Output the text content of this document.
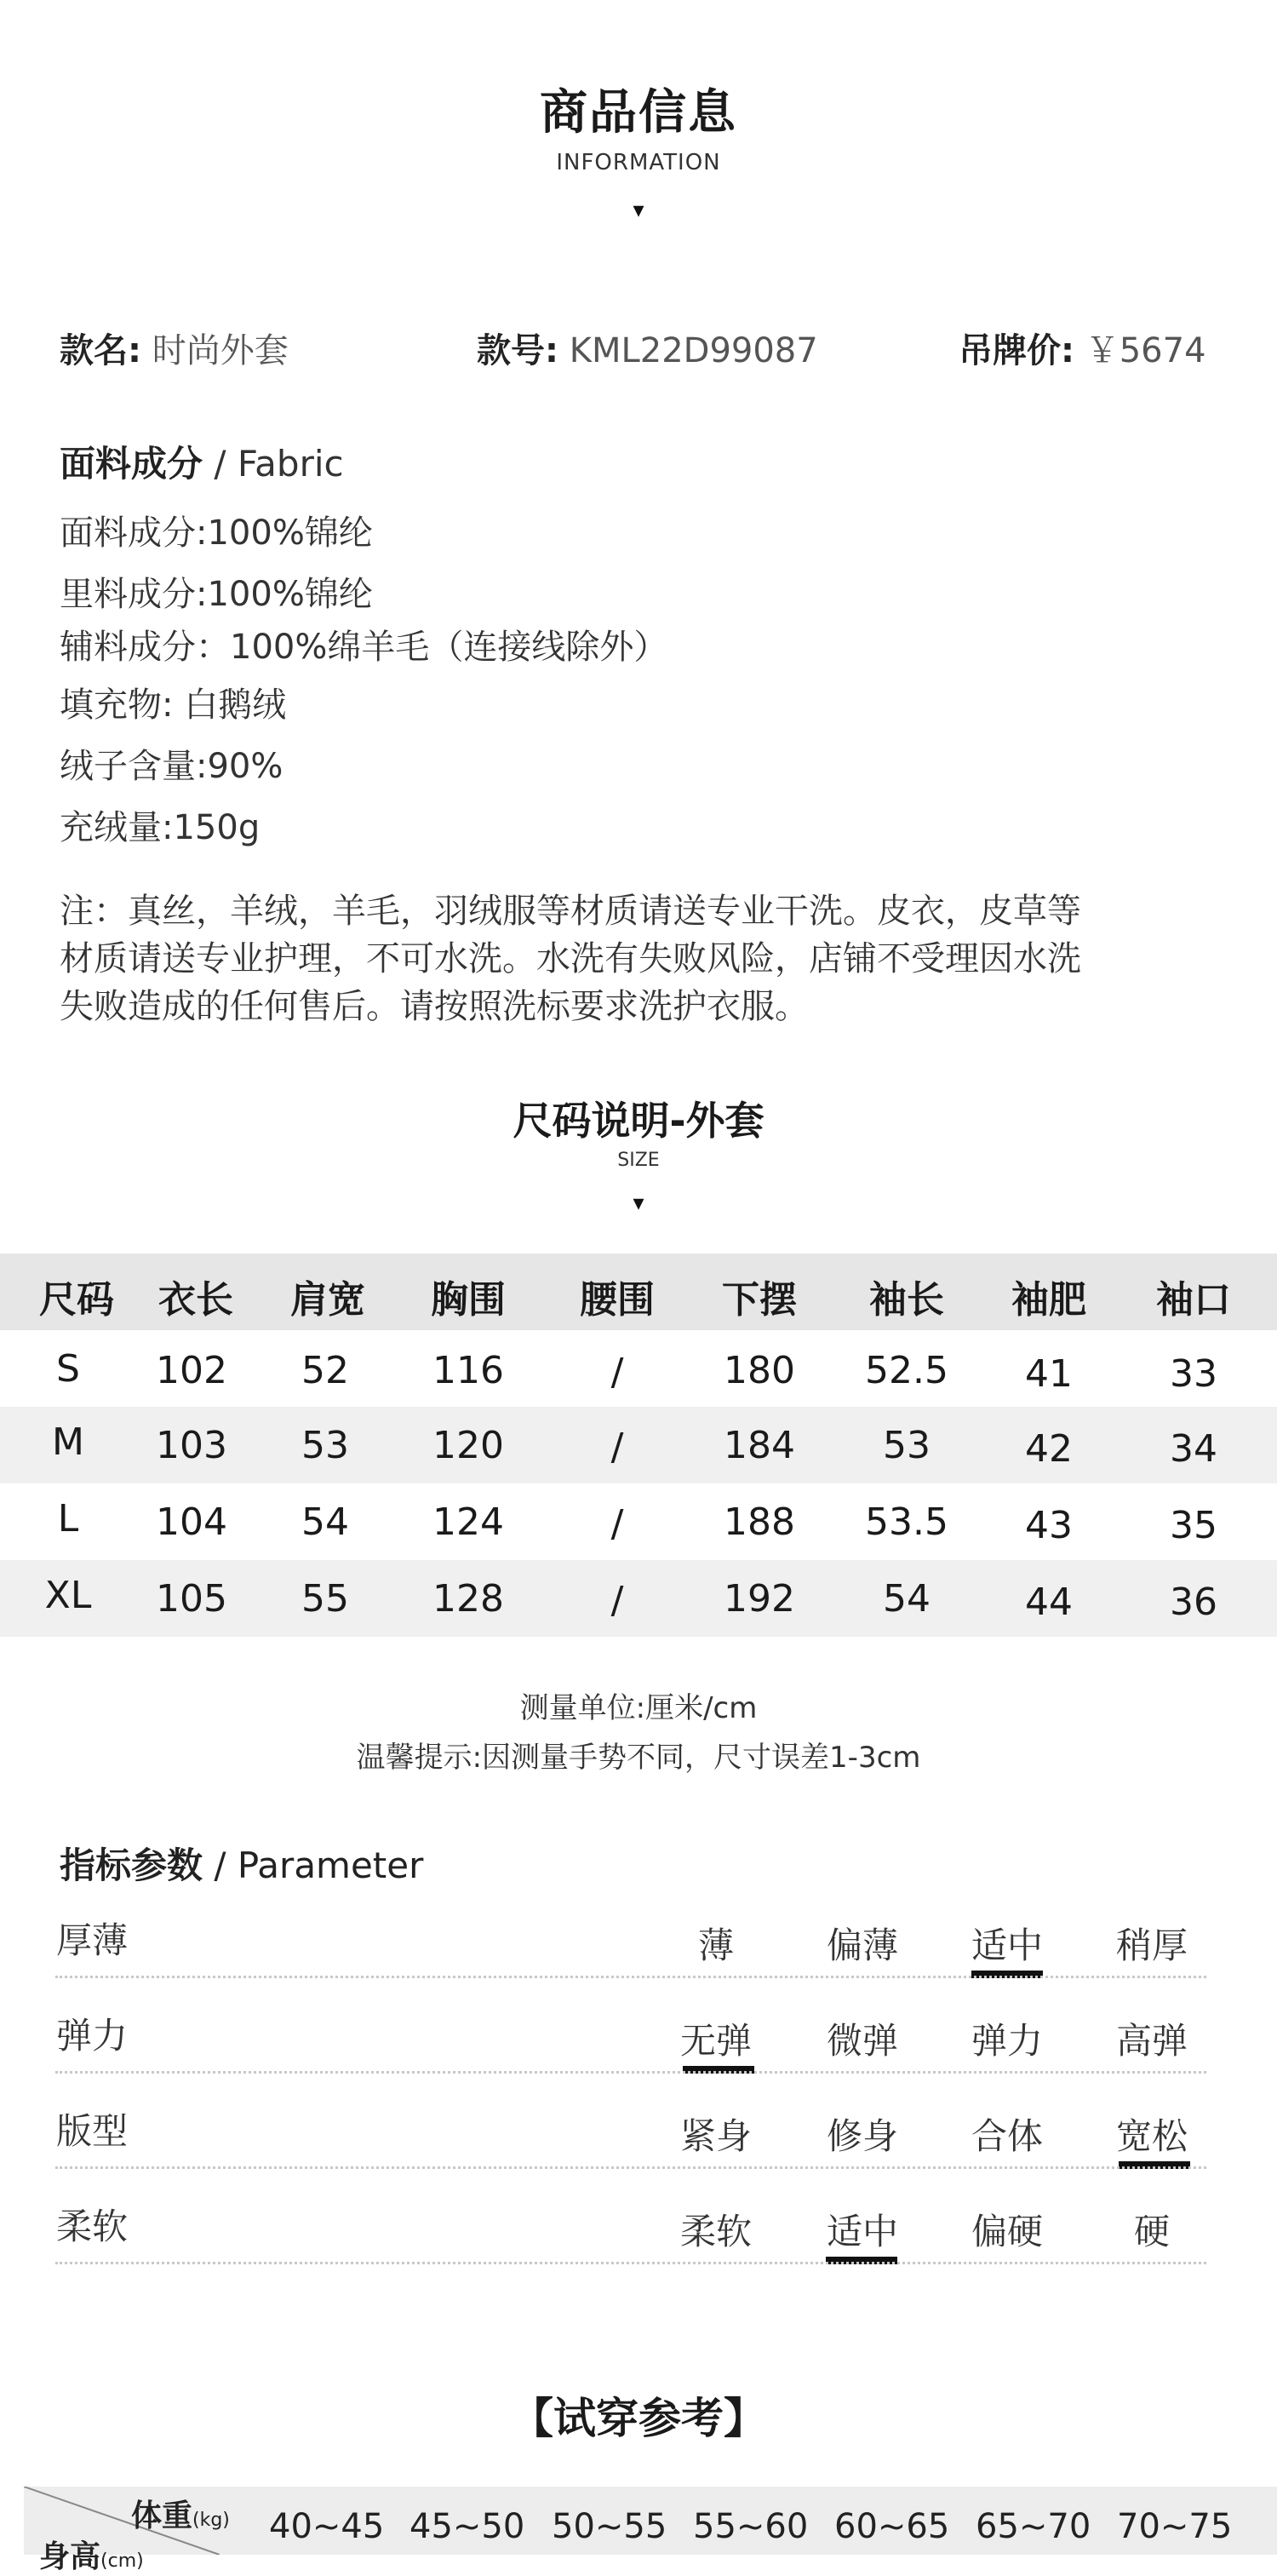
商品信息
INFORMATION
▾
款名: 时尚外套	款号: KML22D99087	吊牌价: ￥5674
面料成分 / Fabric
面料成分:100%锦纶
里料成分:100%锦纶
辅料成分：100%绵羊毛（连接线除外）
填充物: 白鹅绒
绒子含量:90%
充绒量:150g
注：真丝，羊绒，羊毛，羽绒服等材质请送专业干洗。皮衣，皮草等
材质请送专业护理，不可水洗。水洗有失败风险，店铺不受理因水洗
失败造成的任何售后。请按照洗标要求洗护衣服。
尺码说明-外套
SIZE
▾
尺码	衣长	肩宽	胸围	腰围	下摆	袖长	袖肥	袖口
S	102	52	116	/	180	52.5	41	33
M	103	53	120	/	184	53	42	34
L	104	54	124	/	188	53.5	43	35
XL	105	55	128	/	192	54	44	36
测量单位:厘米/cm
温馨提示:因测量手势不同，尺寸误差1-3cm
指标参数 / Parameter
厚薄	薄	偏薄	适中	稍厚
弹力	无弹	微弹	弹力	高弹
版型	紧身	修身	合体	宽松
柔软	柔软	适中	偏硬	硬
【试穿参考】
体重(kg)
身高(cm)
40~45 45~50 50~55 55~60 60~65 65~70 70~75
